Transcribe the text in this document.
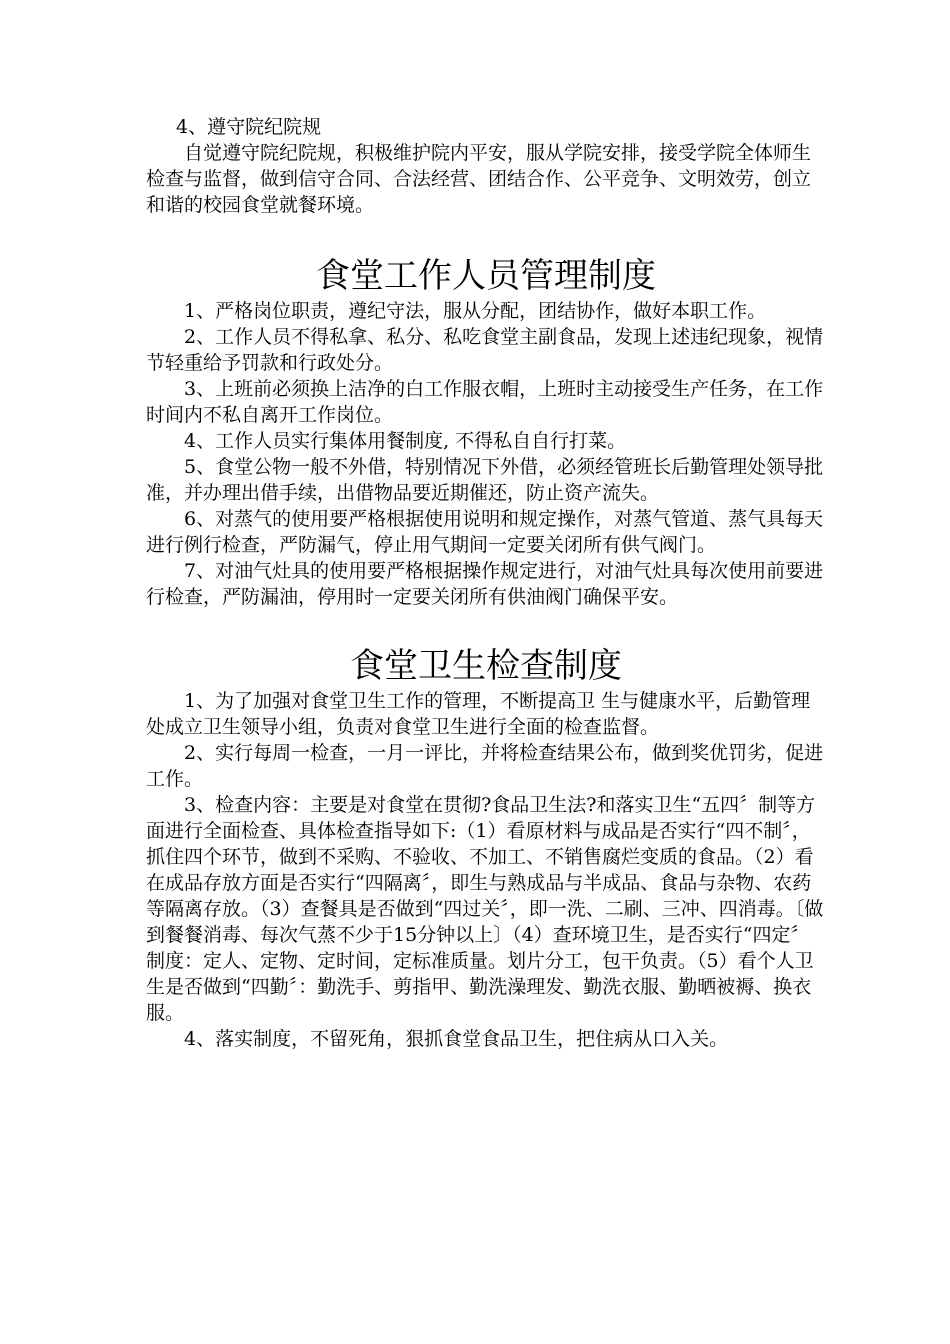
4、遵守院纪院规

自觉遵守院纪院规，积极维护院内平安，服从学院安排，接受学院全体师生检查与监督，做到信守合同、合法经营、团结合作、公平竞争、文明效劳，创立和谐的校园食堂就餐环境。

食堂工作人员管理制度

1、严格岗位职责，遵纪守法，服从分配，团结协作，做好本职工作。

2、工作人员不得私拿、私分、私吃食堂主副食品，发现上述违纪现象，视情节轻重给予罚款和行政处分。

3、上班前必须换上洁净的白工作服衣帽，上班时主动接受生产任务，在工作时间内不私自离开工作岗位。

4、工作人员实行集体用餐制度, 不得私自自行打菜。

5、食堂公物一般不外借，特别情况下外借，必须经管班长后勤管理处领导批准，并办理出借手续，出借物品要近期催还，防止资产流失。

6、对蒸气的使用要严格根据使用说明和规定操作，对蒸气管道、蒸气具每天进行例行检查，严防漏气，停止用气期间一定要关闭所有供气阀门。

7、对油气灶具的使用要严格根据操作规定进行，对油气灶具每次使用前要进行检查，严防漏油，停用时一定要关闭所有供油阀门确保平安。

食堂卫生检查制度

1、为了加强对食堂卫生工作的管理，不断提高卫 生与健康水平，后勤管理处成立卫生领导小组，负责对食堂卫生进行全面的检查监督。

2、实行每周一检查，一月一评比，并将检查结果公布，做到奖优罚劣，促进工作。

3、检查内容：主要是对食堂在贯彻?食品卫生法?和落实卫生“五四〞制等方面进行全面检查、具体检查指导如下:（1）看原材料与成品是否实行“四不制〞，抓住四个环节，做到不采购、不验收、不加工、不销售腐烂变质的食品。（2）看在成品存放方面是否实行“四隔离〞，即生与熟成品与半成品、食品与杂物、农药等隔离存放。（3）查餐具是否做到“四过关〞，即一洗、二刷、三冲、四消毒。〔做到餐餐消毒、每次气蒸不少于15分钟以上〕（4）查环境卫生，是否实行“四定〞制度：定人、定物、定时间，定标准质量。划片分工，包干负责。（5）看个人卫生是否做到“四勤〞：勤洗手、剪指甲、勤洗澡理发、勤洗衣服、勤晒被褥、换衣服。

4、落实制度，不留死角，狠抓食堂食品卫生，把住病从口入关。
